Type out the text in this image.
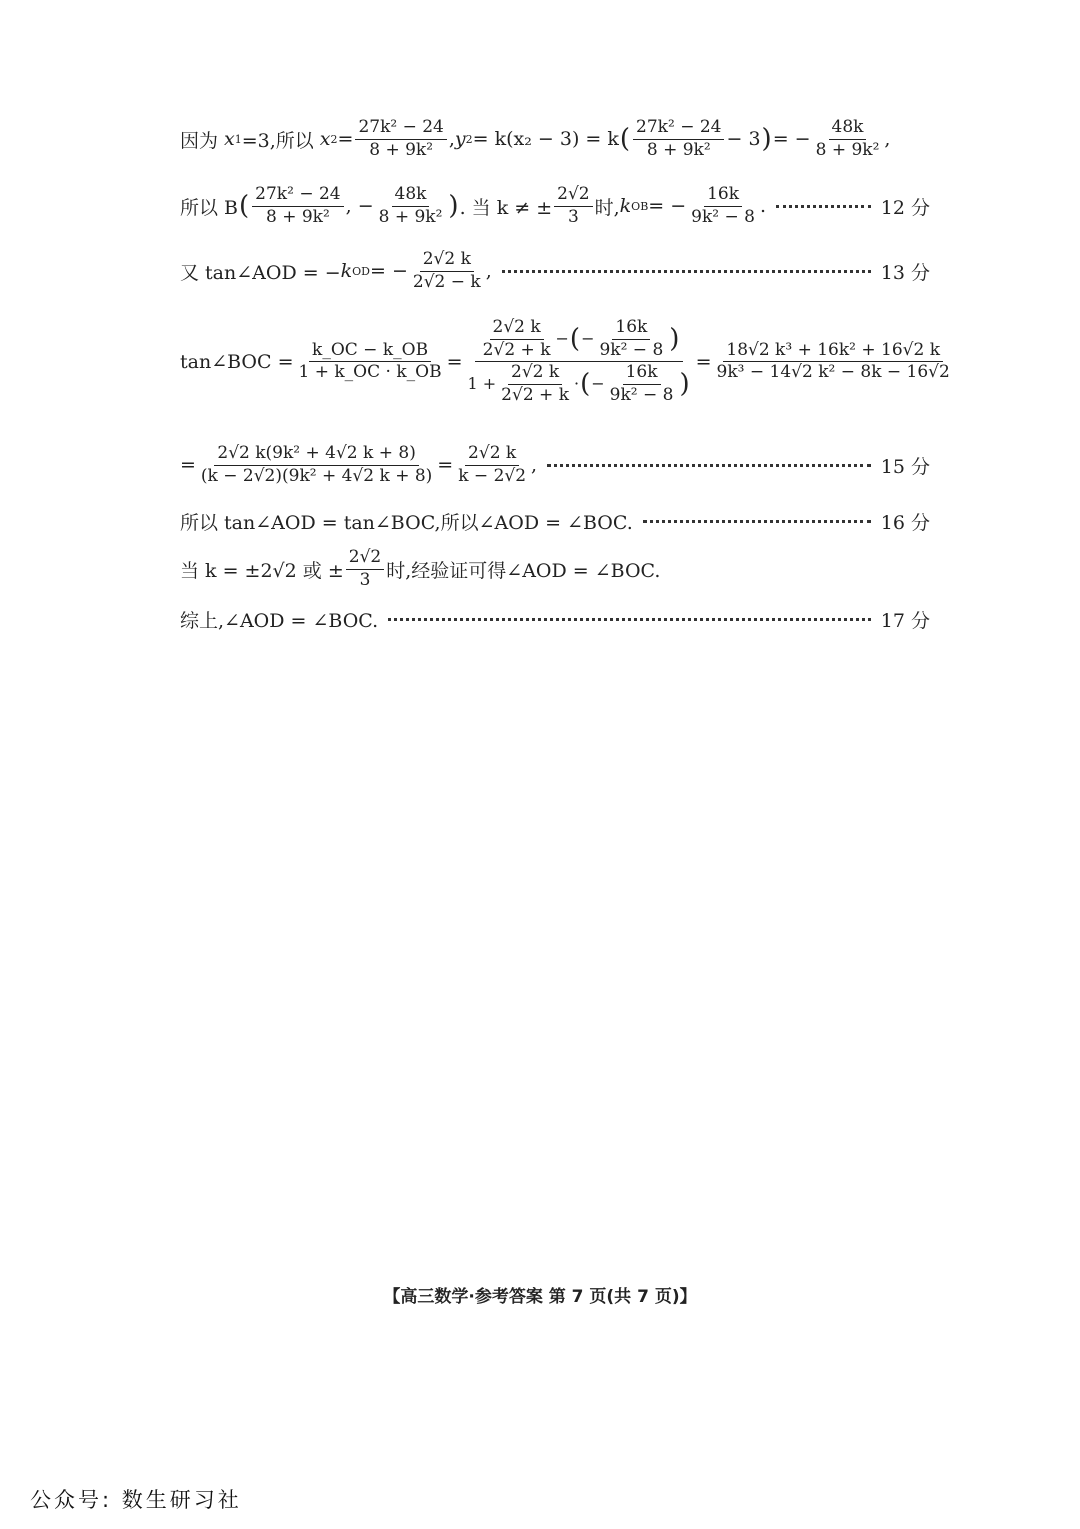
因为 x 1 =3,所以 x $2 = \frac{\text{27k² − 24}}{\text{8 + 9k²}}$ , y 2 = k(x₂ − 3) = k ( $\frac{\text{27k² − 24}}{\text{8 + 9k²}} - 3$ ) = − $\frac{48k}{\text{8 + 9k²}}$ ,
所以 B ( $\frac{\text{27k² − 24}}{\text{8 + 9k²}}$ , − $\frac{48k}{\text{8 + 9k²}}$ ) . 当 k ≠ ± $\frac{2√2}{3}$ 时, k OB = − $\frac{16k}{\text{9k² − 8}}$ .	12 分
又 tan∠AOD = − k OD = − $\frac{2√2 k}{2√2 - k}$ ,	13 分
tan∠BOC = $\frac{k\_OC - k\_OB}{1 + k\_OC \cdot k\_OB}$ =
$\frac{2√2 k}{2√2 + k}$ − ( − $\frac{16k}{\text{9k² − 8}}$ )
$1 + \frac{2√2 k}{2√2 + k}$ · ( − $\frac{16k}{\text{9k² − 8}}$ )
= $\frac{\text{18√2 k³ + 16k² + 16√2 k}}{\text{9k³ − 14√2 k² − 8k − 16√2}}$
= $\frac{\text{2√2 k(9k² + 4√2 k + 8)}}{\text{(k − 2√2)(9k² + 4√2 k + 8)}} = \frac{2√2 k}{k - 2√2}$ ,	15 分
所以 tan∠AOD = tan∠BOC,所以∠AOD = ∠BOC.	16 分
当 k = ±2√2 或 ± $\frac{2√2}{3}$ 时,经验证可得∠AOD = ∠BOC.
综上,∠AOD = ∠BOC.	17 分
【高三数学·参考答案 第 7 页(共 7 页)】
公众号: 数生研习社
